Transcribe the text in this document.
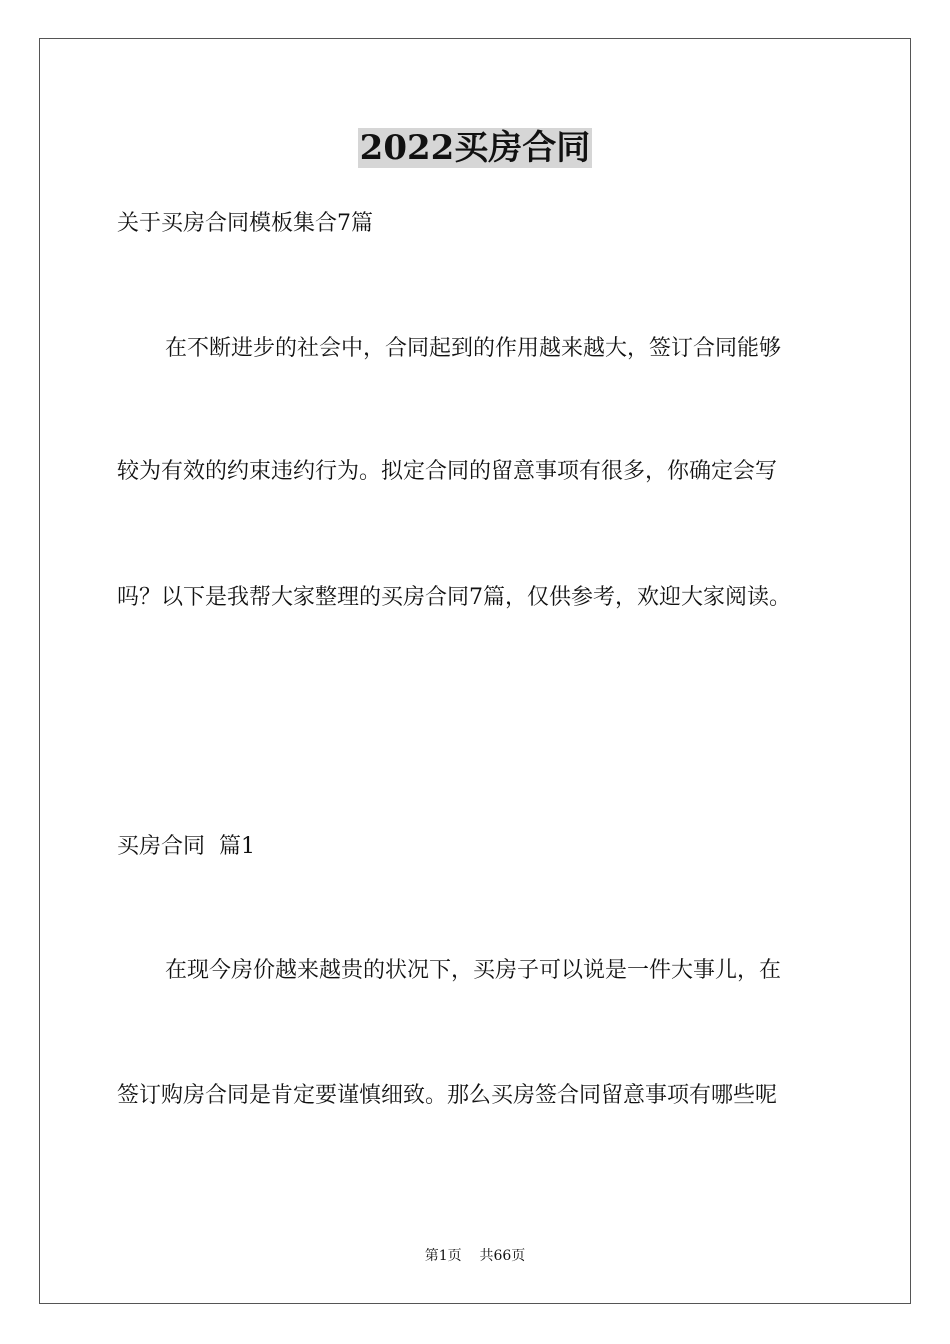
2022买房合同
关于买房合同模板集合7篇
在不断进步的社会中，合同起到的作用越来越大，签订合同能够
较为有效的约束违约行为。拟定合同的留意事项有很多，你确定会写
吗？以下是我帮大家整理的买房合同7篇，仅供参考，欢迎大家阅读。
买房合同  篇1
在现今房价越来越贵的状况下，买房子可以说是一件大事儿，在
签订购房合同是肯定要谨慎细致。那么买房签合同留意事项有哪些呢
第1页    共66页
